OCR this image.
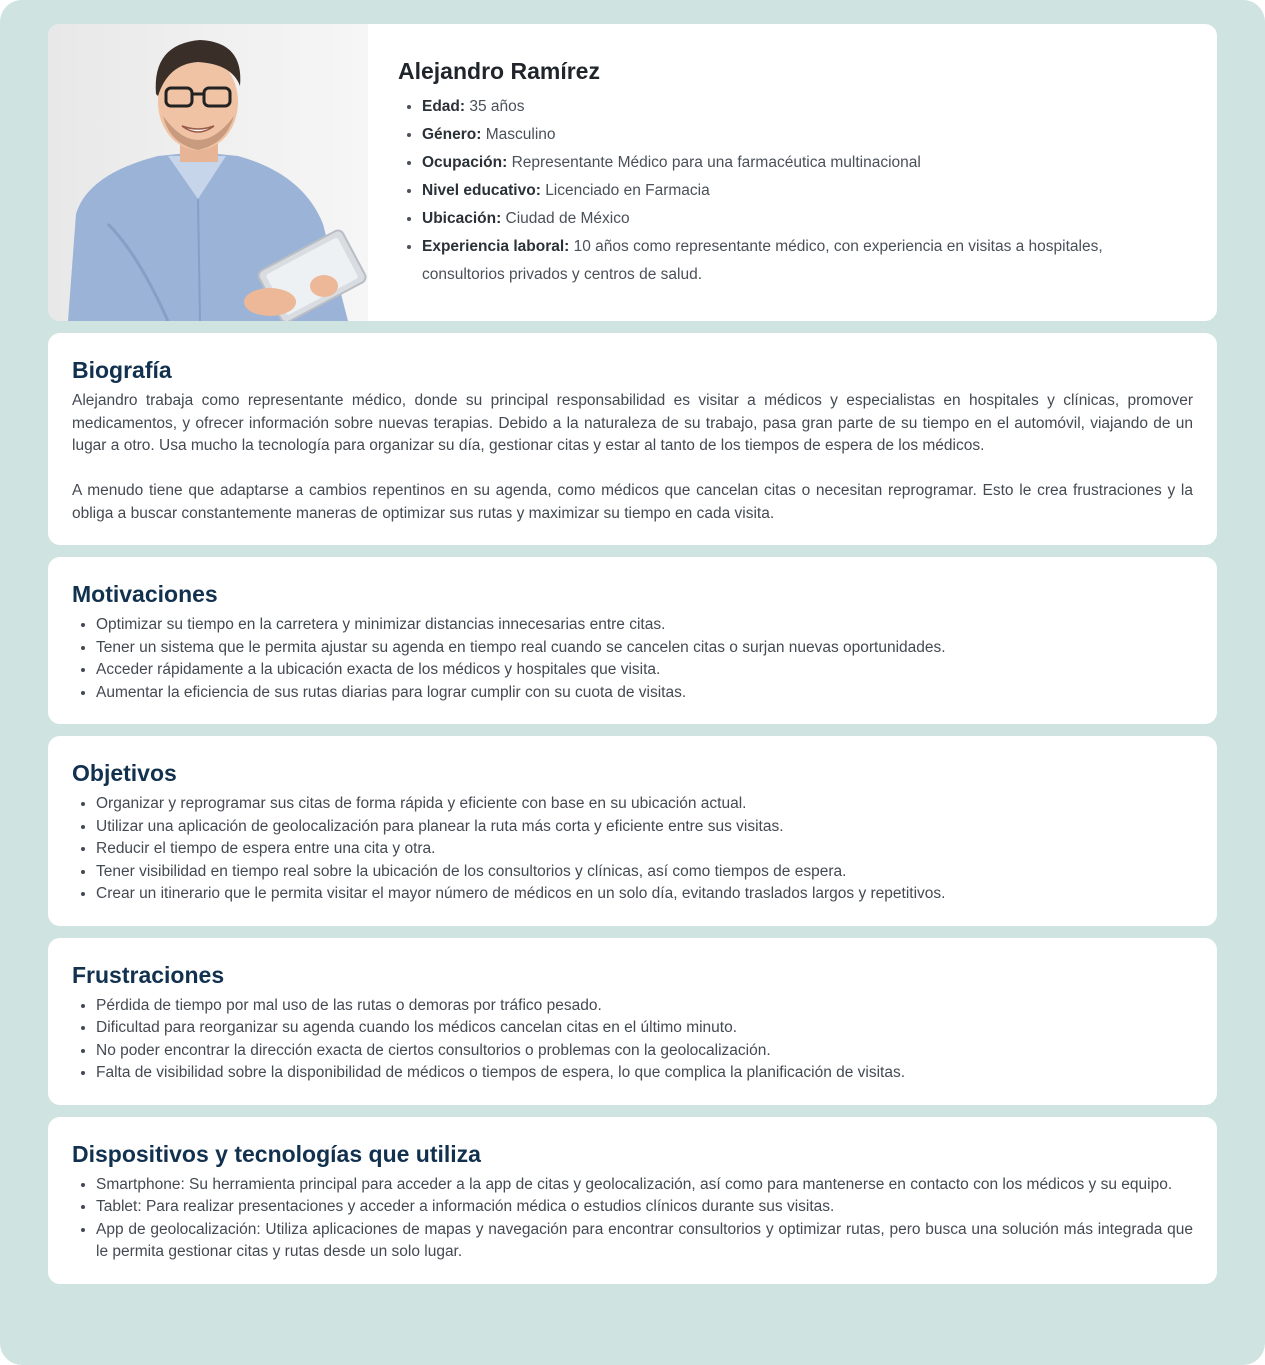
Alejandro Ramírez
• Edad: 35 años
• Género: Masculino
• Ocupación: Representante Médico para una farmacéutica multinacional
• Nivel educativo: Licenciado en Farmacia
• Ubicación: Ciudad de México
• Experiencia laboral: 10 años como representante médico, con experiencia en visitas a hospitales, consultorios privados y centros de salud.
Biografía

Alejandro trabaja como representante médico, donde su principal responsabilidad es visitar a médicos y especialistas en hospitales y clínicas, promover medicamentos, y ofrecer información sobre nuevas terapias. Debido a la naturaleza de su trabajo, pasa gran parte de su tiempo en el automóvil, viajando de un lugar a otro. Usa mucho la tecnología para organizar su día, gestionar citas y estar al tanto de los tiempos de espera de los médicos.

A menudo tiene que adaptarse a cambios repentinos en su agenda, como médicos que cancelan citas o necesitan reprogramar. Esto le crea frustraciones y la obliga a buscar constantemente maneras de optimizar sus rutas y maximizar su tiempo en cada visita.

Motivaciones
• Optimizar su tiempo en la carretera y minimizar distancias innecesarias entre citas.
• Tener un sistema que le permita ajustar su agenda en tiempo real cuando se cancelen citas o surjan nuevas oportunidades.
• Acceder rápidamente a la ubicación exacta de los médicos y hospitales que visita.
• Aumentar la eficiencia de sus rutas diarias para lograr cumplir con su cuota de visitas.
Objetivos
• Organizar y reprogramar sus citas de forma rápida y eficiente con base en su ubicación actual.
• Utilizar una aplicación de geolocalización para planear la ruta más corta y eficiente entre sus visitas.
• Reducir el tiempo de espera entre una cita y otra.
• Tener visibilidad en tiempo real sobre la ubicación de los consultorios y clínicas, así como tiempos de espera.
• Crear un itinerario que le permita visitar el mayor número de médicos en un solo día, evitando traslados largos y repetitivos.
Frustraciones
• Pérdida de tiempo por mal uso de las rutas o demoras por tráfico pesado.
• Dificultad para reorganizar su agenda cuando los médicos cancelan citas en el último minuto.
• No poder encontrar la dirección exacta de ciertos consultorios o problemas con la geolocalización.
• Falta de visibilidad sobre la disponibilidad de médicos o tiempos de espera, lo que complica la planificación de visitas.
Dispositivos y tecnologías que utiliza
• Smartphone: Su herramienta principal para acceder a la app de citas y geolocalización, así como para mantenerse en contacto con los médicos y su equipo.
• Tablet: Para realizar presentaciones y acceder a información médica o estudios clínicos durante sus visitas.
• App de geolocalización: Utiliza aplicaciones de mapas y navegación para encontrar consultorios y optimizar rutas, pero busca una solución más integrada que le permita gestionar citas y rutas desde un solo lugar.
